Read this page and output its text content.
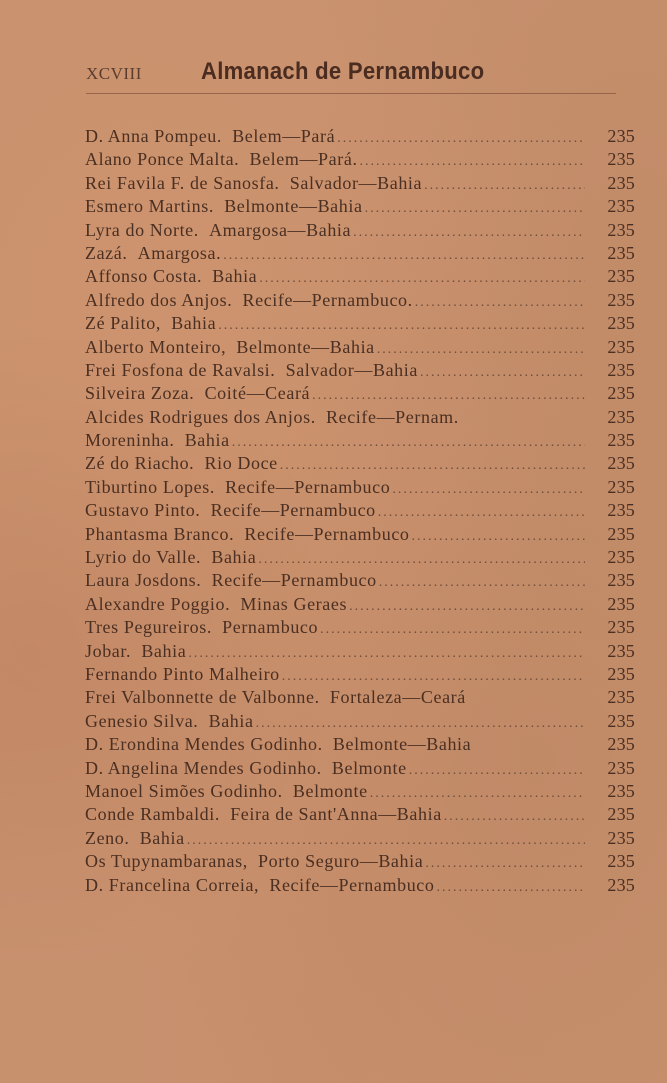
XCVIII Almanach de Pernambuco
D. Anna Pompeu. Belem—Pará .....	235
Alano Ponce Malta. Belem—Pará. .....	235
Rei Favila F. de Sanosfa. Salvador—Bahia .....	235
Esmero Martins. Belmonte—Bahia .....	235
Lyra do Norte. Amargosa—Bahia .....	235
Zazá. Amargosa. .....	235
Affonso Costa. Bahia .....	235
Alfredo dos Anjos. Recife—Pernambuco. .....	235
Zé Palito, Bahia .....	235
Alberto Monteiro, Belmonte—Bahia .....	235
Frei Fosfona de Ravalsi. Salvador—Bahia .....	235
Silveira Zoza. Coité—Ceará .....	235
Alcides Rodrigues dos Anjos. Recife—Pernam.	235
Moreninha. Bahia .....	235
Zé do Riacho. Rio Doce .....	235
Tiburtino Lopes. Recife—Pernambuco .....	235
Gustavo Pinto. Recife—Pernambuco .....	235
Phantasma Branco. Recife—Pernambuco .....	235
Lyrio do Valle. Bahia .....	235
Laura Josdons. Recife—Pernambuco .....	235
Alexandre Poggio. Minas Geraes .....	235
Tres Pegureiros. Pernambuco .....	235
Jobar. Bahia .....	235
Fernando Pinto Malheiro .....	235
Frei Valbonnette de Valbonne. Fortaleza—Ceará	235
Genesio Silva. Bahia .....	235
D. Erondina Mendes Godinho. Belmonte—Bahia	235
D. Angelina Mendes Godinho. Belmonte .....	235
Manoel Simões Godinho. Belmonte .....	235
Conde Rambaldi. Feira de Sant'Anna—Bahia .....	235
Zeno. Bahia .....	235
Os Tupynambaranas, Porto Seguro—Bahia .....	235
D. Francelina Correia, Recife—Pernambuco .....	235
